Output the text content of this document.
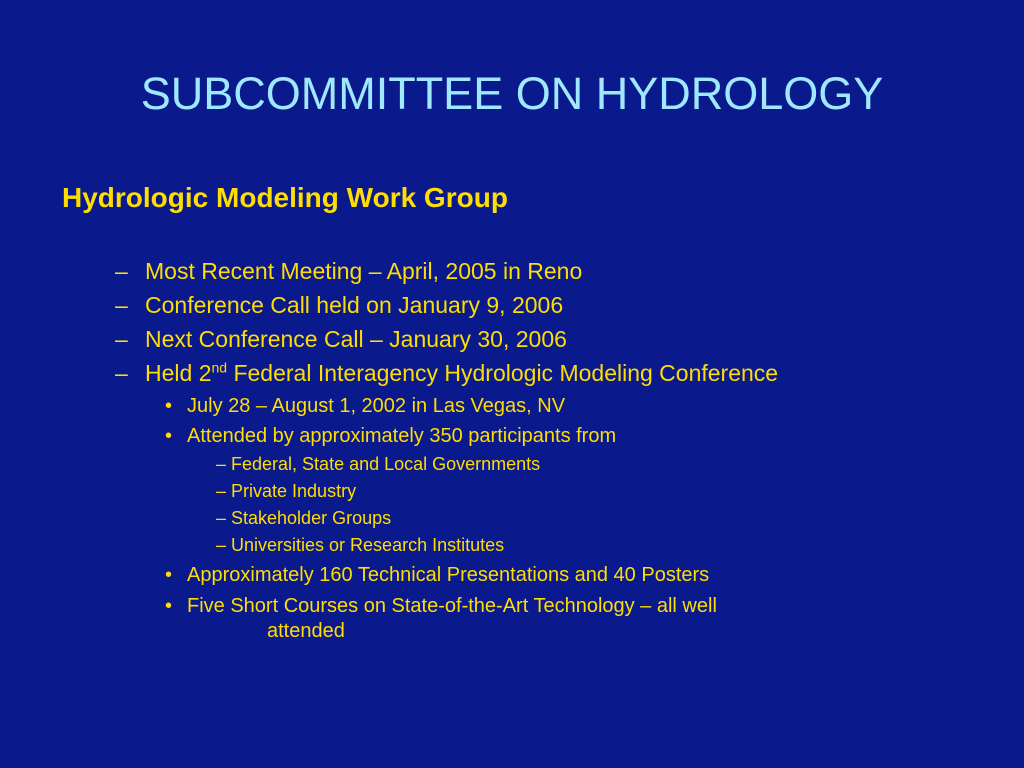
SUBCOMMITTEE ON HYDROLOGY
Hydrologic Modeling Work Group
– Most Recent Meeting – April, 2005 in Reno
– Conference Call held on January 9, 2006
– Next Conference Call – January 30, 2006
– Held 2nd Federal Interagency Hydrologic Modeling Conference
• July 28 – August 1, 2002 in Las Vegas, NV
• Attended by approximately 350 participants from
– Federal, State and Local Governments
– Private Industry
– Stakeholder Groups
– Universities or Research Institutes
• Approximately 160 Technical Presentations and 40 Posters
• Five Short Courses on State-of-the-Art Technology – all well
attended
